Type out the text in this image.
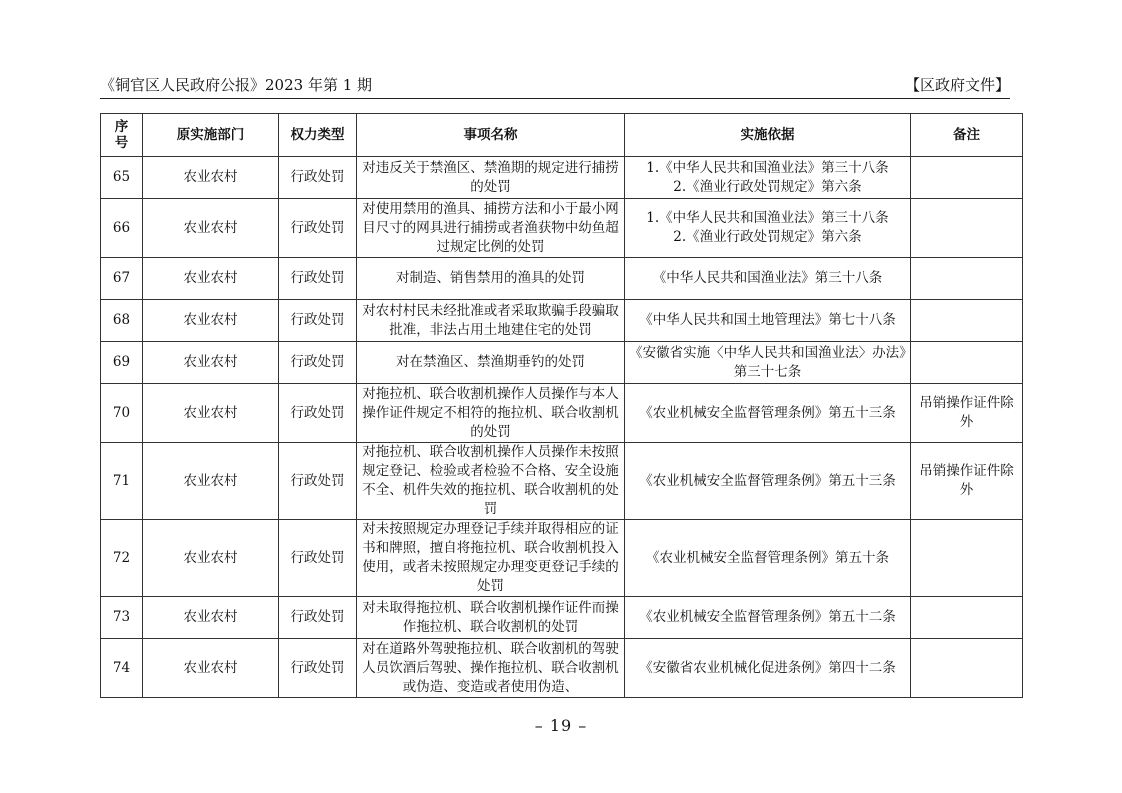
《铜官区人民政府公报》2023 年第 1 期	【区政府文件】
序号	原实施部门	权力类型	事项名称	实施依据	备注
65	农业农村	行政处罚	对违反关于禁渔区、禁渔期的规定进行捕捞的处罚	1.《中华人民共和国渔业法》第三十八条
2.《渔业行政处罚规定》第六条	

66	农业农村	行政处罚	对使用禁用的渔具、捕捞方法和小于最小网目尺寸的网具进行捕捞或者渔获物中幼鱼超过规定比例的处罚	1.《中华人民共和国渔业法》第三十八条
2.《渔业行政处罚规定》第六条	

67	农业农村	行政处罚	对制造、销售禁用的渔具的处罚	《中华人民共和国渔业法》第三十八条	

68	农业农村	行政处罚	对农村村民未经批准或者采取欺骗手段骗取批准，非法占用土地建住宅的处罚	《中华人民共和国土地管理法》第七十八条	

69	农业农村	行政处罚	对在禁渔区、禁渔期垂钓的处罚	《安徽省实施〈中华人民共和国渔业法〉办法》第三十七条	

70	农业农村	行政处罚	对拖拉机、联合收割机操作人员操作与本人操作证件规定不相符的拖拉机、联合收割机的处罚	《农业机械安全监督管理条例》第五十三条	吊销操作证件除外
71	农业农村	行政处罚	对拖拉机、联合收割机操作人员操作未按照规定登记、检验或者检验不合格、安全设施不全、机件失效的拖拉机、联合收割机的处罚	《农业机械安全监督管理条例》第五十三条	吊销操作证件除外
72	农业农村	行政处罚	对未按照规定办理登记手续并取得相应的证书和牌照，擅自将拖拉机、联合收割机投入使用，或者未按照规定办理变更登记手续的处罚	《农业机械安全监督管理条例》第五十条	

73	农业农村	行政处罚	对未取得拖拉机、联合收割机操作证件而操作拖拉机、联合收割机的处罚	《农业机械安全监督管理条例》第五十二条	

74	农业农村	行政处罚	对在道路外驾驶拖拉机、联合收割机的驾驶人员饮酒后驾驶、操作拖拉机、联合收割机或伪造、变造或者使用伪造、	《安徽省农业机械化促进条例》第四十二条	

– 19 –
